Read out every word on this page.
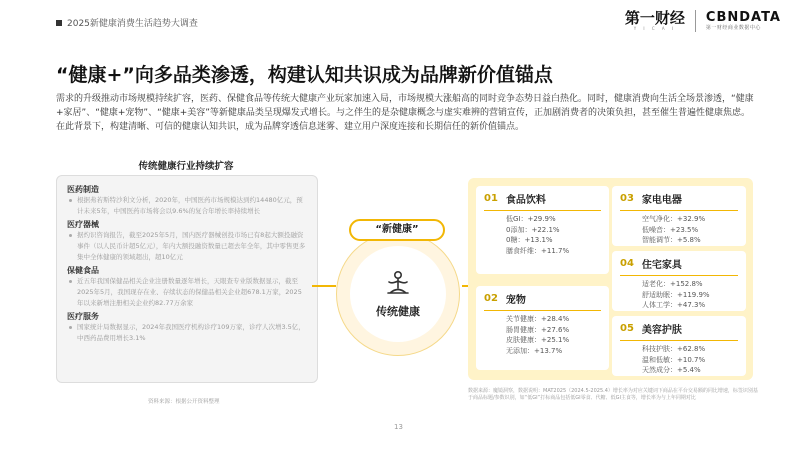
2025新健康消费生活趋势大调查	第一财经
Y I C A I
CBNDATA
第一财经商业数据中心
“健康+”向多品类渗透，构建认知共识成为品牌新价值锚点
需求的升级推动市场规模持续扩容，医药、保健食品等传统大健康产业玩家加速入局，市场规模大涨船高的同时竞争态势日益白热化。同时，健康消费向生活全场景渗透，“健康+家居”、“健康+宠物”、“健康+美容”等新健康品类呈现爆发式增长。与之伴生的是杂健康概念与虚实难辨的营销宣传，正加剧消费者的决策负担，甚至催生普遍性健康焦虑。在此背景下，构建清晰、可信的健康认知共识，成为品牌穿透信息迷雾、建立用户深度连接和长期信任的新价值锚点。
传统健康行业持续扩容
医药制造
根据弗若斯特沙利文分析，2020年，中国医药市场规模达到约14480亿元，预计未来5年，中国医药市场将会以9.6%的复合年增长率持续增长
医疗器械
据灼识咨询报告，截至2025年5月，国内医疗器械创投市场已有8起大额投融资事件（以人民币计超5亿元），年内大额投融资数量已超去年全年，其中零售更多集中全体健康的领域超出，超10亿元
保健食品
近五年我国保健品相关企业注册数量逐年增长，天眼查专业版数据显示，截至2025年5月，我国现存在业、存续状态的保健品相关企业超678.1万家，2025年以来新增注册相关企业约82.77万余家
医疗服务
国家统计局数据显示，2024年我国医疗机构诊疗109万家，诊疗人次增3.5亿，中西药品费用增长3.1%
资料来源：根据公开资料整理
传统健康
“新健康”
01 食品饮料
低GI：+29.9%
0添加：+22.1%
0糖：+13.1%
膳食纤维：+11.7%
02 宠物
关节健康：+28.4%
肠胃健康：+27.6%
皮肤健康：+25.1%
无添加：+13.7%
03 家电电器
空气净化：+32.9%
低噪音：+23.5%
智能调节：+5.8%
04 住宅家具
适老化：+152.8%
舒适助眠：+119.9%
人体工学：+47.3%
05 美容护肤
科技护肤：+62.8%
温和低敏：+10.7%
天然成分：+5.4%
数据来源：魔镜洞察，数据说明：MAT2025（2024.5-2025.4）增长率为对应关键词下商品在平台交易额的同比增速，标签识别基于商品标题/参数识别，如“低GI”打标商品包括低GI零食、代糖、低GI主食等，增长率为与上年同期对比
13
